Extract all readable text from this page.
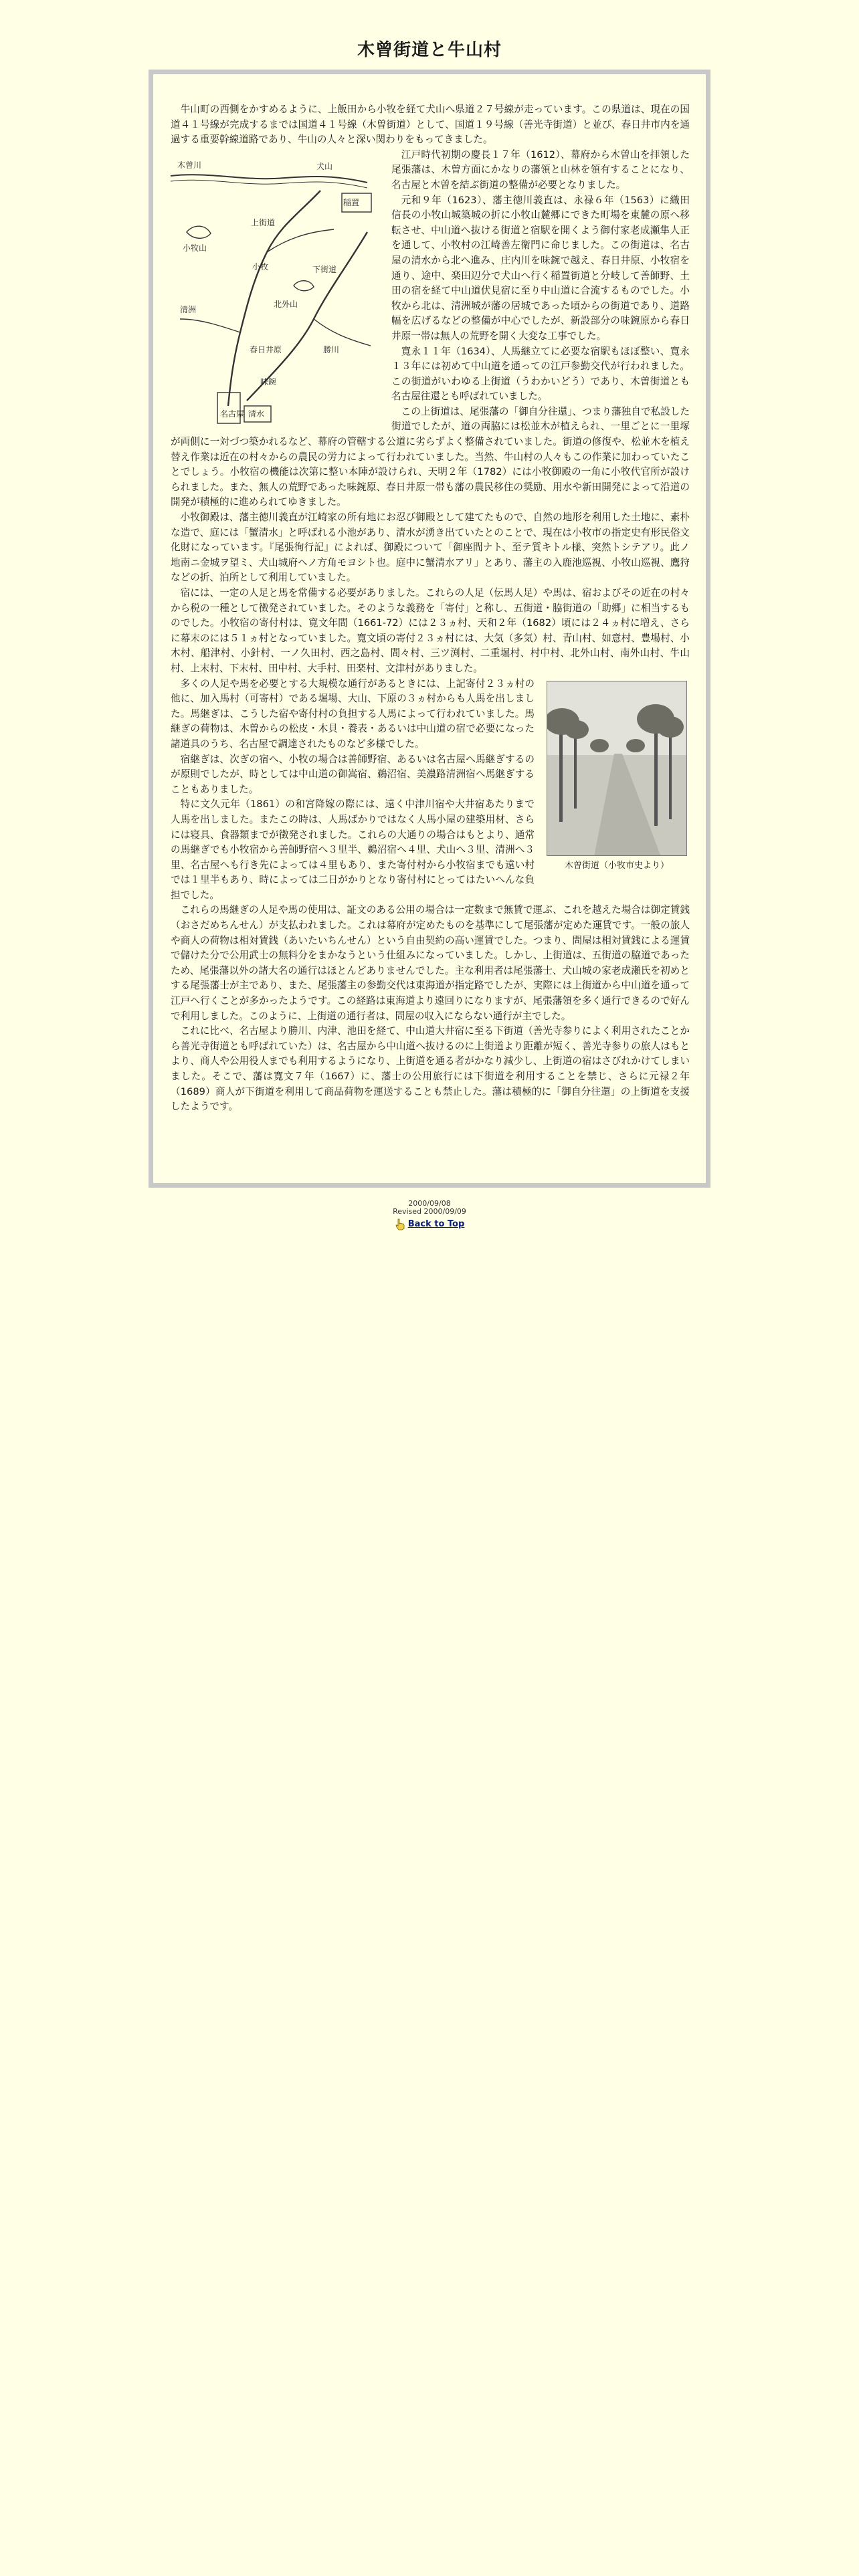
木曾街道と牛山村

牛山町の西側をかすめるように、上飯田から小牧を経て犬山へ県道２７号線が走っています。この県道は、現在の国道４１号線が完成するまでは国道４１号線（木曽街道）として、国道１９号線（善光寺街道）と並び、春日井市内を通過する重要幹線道路であり、牛山の人々と深い関わりをもってきました。

木曽川	犬山
小牧
上街道
下街道
名古屋
小牧山
勝川
清洲
稲置
北外山
春日井原
味鋺
清水

江戸時代初期の慶長１７年（1612）、幕府から木曽山を拝領した尾張藩は、木曽方面にかなりの藩領と山林を領有することになり、名古屋と木曽を結ぶ街道の整備が必要となりました。

元和９年（1623）、藩主徳川義直は、永禄６年（1563）に織田信長の小牧山城築城の折に小牧山麓郷にできた町場を東麓の原へ移転させ、中山道へ抜ける街道と宿駅を開くよう御付家老成瀬隼人正を通して、小牧村の江崎善左衛門に命じました。この街道は、名古屋の清水から北へ進み、庄内川を味鋺で越え、春日井原、小牧宿を通り、途中、楽田辺分で犬山へ行く稲置街道と分岐して善師野、土田の宿を経て中山道伏見宿に至り中山道に合流するものでした。小牧から北は、清洲城が藩の居城であった頃からの街道であり、道路幅を広げるなどの整備が中心でしたが、新設部分の味鋺原から春日井原一帯は無人の荒野を開く大変な工事でした。

寛永１１年（1634）、人馬継立てに必要な宿駅もほぼ整い、寛永１３年には初めて中山道を通っての江戸参勤交代が行われました。この街道がいわゆる上街道（うわかいどう）であり、木曽街道とも名古屋往還とも呼ばれていました。

この上街道は、尾張藩の「御自分往還」、つまり藩独自で私設した街道でしたが、道の両脇には松並木が植えられ、一里ごとに一里塚が両側に一対づつ築かれるなど、幕府の管轄する公道に劣らずよく整備されていました。街道の修復や、松並木を植え替え作業は近在の村々からの農民の労力によって行われていました。当然、牛山村の人々もこの作業に加わっていたことでしょう。小牧宿の機能は次第に整い本陣が設けられ、天明２年（1782）には小牧御殿の一角に小牧代官所が設けられました。また、無人の荒野であった味鋺原、春日井原一帯も藩の農民移住の奨励、用水や新田開発によって沿道の開発が積極的に進められてゆきました。

小牧御殿は、藩主徳川義直が江崎家の所有地にお忍び御殿として建てたもので、自然の地形を利用した土地に、素朴な造で、庭には「蟹清水」と呼ばれる小池があり、清水が湧き出ていたとのことで、現在は小牧市の指定史有形民俗文化財になっています。『尾張徇行記』によれば、御殿について「御座間ナト、至テ質キトル様、突然トシテアリ。此ノ地南ニ金城ヲ望ミ、犬山城府ヘノ方角モヨシト也。庭中に蟹清水アリ」とあり、藩主の入鹿池巡視、小牧山巡視、鷹狩などの折、泊所として利用していました。

宿には、一定の人足と馬を常備する必要がありました。これらの人足（伝馬人足）や馬は、宿およびその近在の村々から税の一種として徴発されていました。そのような義務を「寄付」と称し、五街道・脇街道の「助郷」に相当するものでした。小牧宿の寄付村は、寛文年間（1661-72）には２３ヵ村、天和２年（1682）頃には２４ヵ村に増え、さらに幕末のには５１ヵ村となっていました。寛文頃の寄付２３ヵ村には、大気（多気）村、青山村、如意村、豊場村、小木村、船津村、小針村、一ノ久田村、西之島村、間々村、三ツ渕村、二重堀村、村中村、北外山村、南外山村、牛山村、上末村、下末村、田中村、大手村、田楽村、文津村がありました。

木曽街道（小牧市史より）

多くの人足や馬を必要とする大規模な通行があるときには、上記寄付２３ヵ村の他に、加入馬村（可寄村）である堀場、大山、下原の３ヵ村からも人馬を出しました。馬継ぎは、こうした宿や寄付村の負担する人馬によって行われていました。馬継ぎの荷物は、木曽からの松皮・木貝・養表・あるいは中山道の宿で必要になった諸道具のうち、名古屋で調達されたものなど多様でした。

宿継ぎは、次ぎの宿へ、小牧の場合は善師野宿、あるいは名古屋へ馬継ぎするのが原則でしたが、時としては中山道の御嵩宿、鵜沼宿、美濃路清洲宿へ馬継ぎすることもありました。

特に文久元年（1861）の和宮降嫁の際には、遠く中津川宿や大井宿あたりまで人馬を出しました。またこの時は、人馬ばかりではなく人馬小屋の建築用材、さらには寝具、食器類までが徴発されました。これらの大通りの場合はもとより、通常の馬継ぎでも小牧宿から善師野宿へ３里半、鵜沼宿へ４里、犬山へ３里、清洲へ３里、名古屋へも行き先によっては４里もあり、また寄付村から小牧宿までも遠い村では１里半もあり、時によっては二日がかりとなり寄付村にとってはたいへんな負担でした。

これらの馬継ぎの人足や馬の使用は、証文のある公用の場合は一定数まで無賃で運ぶ、これを越えた場合は御定賃銭（おさだめちんせん）が支払われました。これは幕府が定めたものを基準にして尾張藩が定めた運賃です。一般の旅人や商人の荷物は相対賃銭（あいたいちんせん）という自由契約の高い運賃でした。つまり、問屋は相対賃銭による運賃で儲けた分で公用武士の無料分をまかなうという仕組みになっていました。しかし、上街道は、五街道の脇道であったため、尾張藩以外の諸大名の通行はほとんどありませんでした。主な利用者は尾張藩士、犬山城の家老成瀬氏を初めとする尾張藩士が主であり、また、尾張藩主の参勤交代は東海道が指定路でしたが、実際には上街道から中山道を通って江戸へ行くことが多かったようです。この経路は東海道より遠回りになりますが、尾張藩領を多く通行できるので好んで利用しました。このように、上街道の通行者は、問屋の収入にならない通行が主でした。

これに比べ、名古屋より勝川、内津、池田を経て、中山道大井宿に至る下街道（善光寺参りによく利用されたことから善光寺街道とも呼ばれていた）は、名古屋から中山道へ抜けるのに上街道より距離が短く、善光寺参りの旅人はもとより、商人や公用役人までも利用するようになり、上街道を通る者がかなり減少し、上街道の宿はさびれかけてしまいました。そこで、藩は寛文７年（1667）に、藩士の公用旅行には下街道を利用することを禁じ、さらに元禄２年（1689）商人が下街道を利用して商品荷物を運送することも禁止した。藩は積極的に「御自分往還」の上街道を支援したようです。

2000/09/08
Revised 2000/09/09
Back to Top
